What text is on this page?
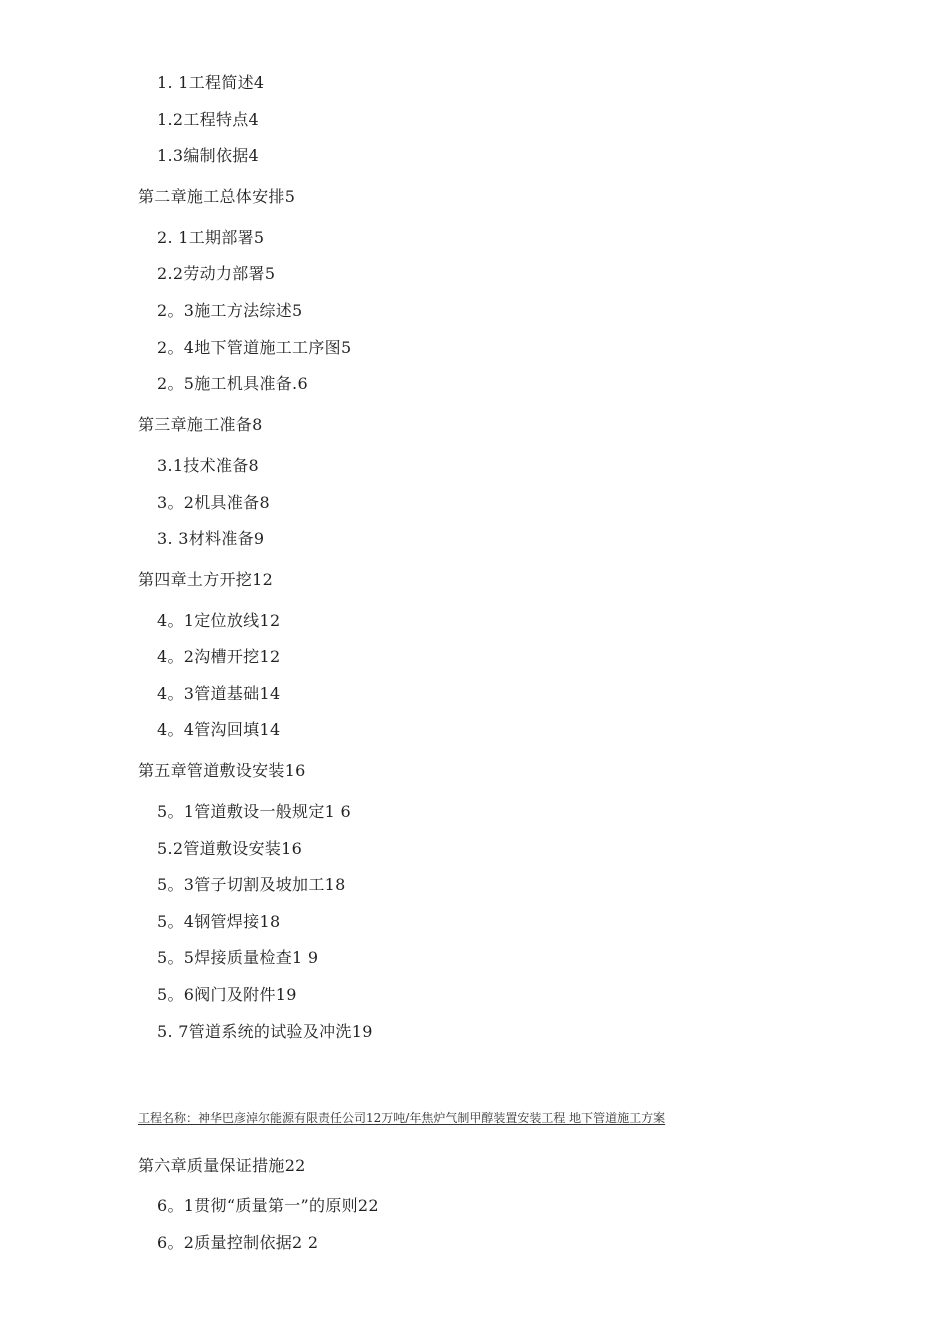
1. 1工程简述4
1.2工程特点4
1.3编制依据4
第二章施工总体安排5
2. 1工期部署5
2.2劳动力部署5
2。3施工方法综述5
2。4地下管道施工工序图5
2。5施工机具准备.6
第三章施工准备8
3.1技术准备8
3。2机具准备8
3. 3材料准备9
第四章土方开挖12
4。1定位放线12
4。2沟槽开挖12
4。3管道基础14
4。4管沟回填14
第五章管道敷设安装16
5。1管道敷设一般规定1 6
5.2管道敷设安装16
5。3管子切割及坡加工18
5。4钢管焊接18
5。5焊接质量检查1 9
5。6阀门及附件19
5. 7管道系统的试验及冲洗19
工程名称：神华巴彦淖尔能源有限责任公司12万吨/年焦炉气制甲醇装置安装工程 地下管道施工方案
第六章质量保证措施22
6。1贯彻“质量第一”的原则22
6。2质量控制依据2 2
